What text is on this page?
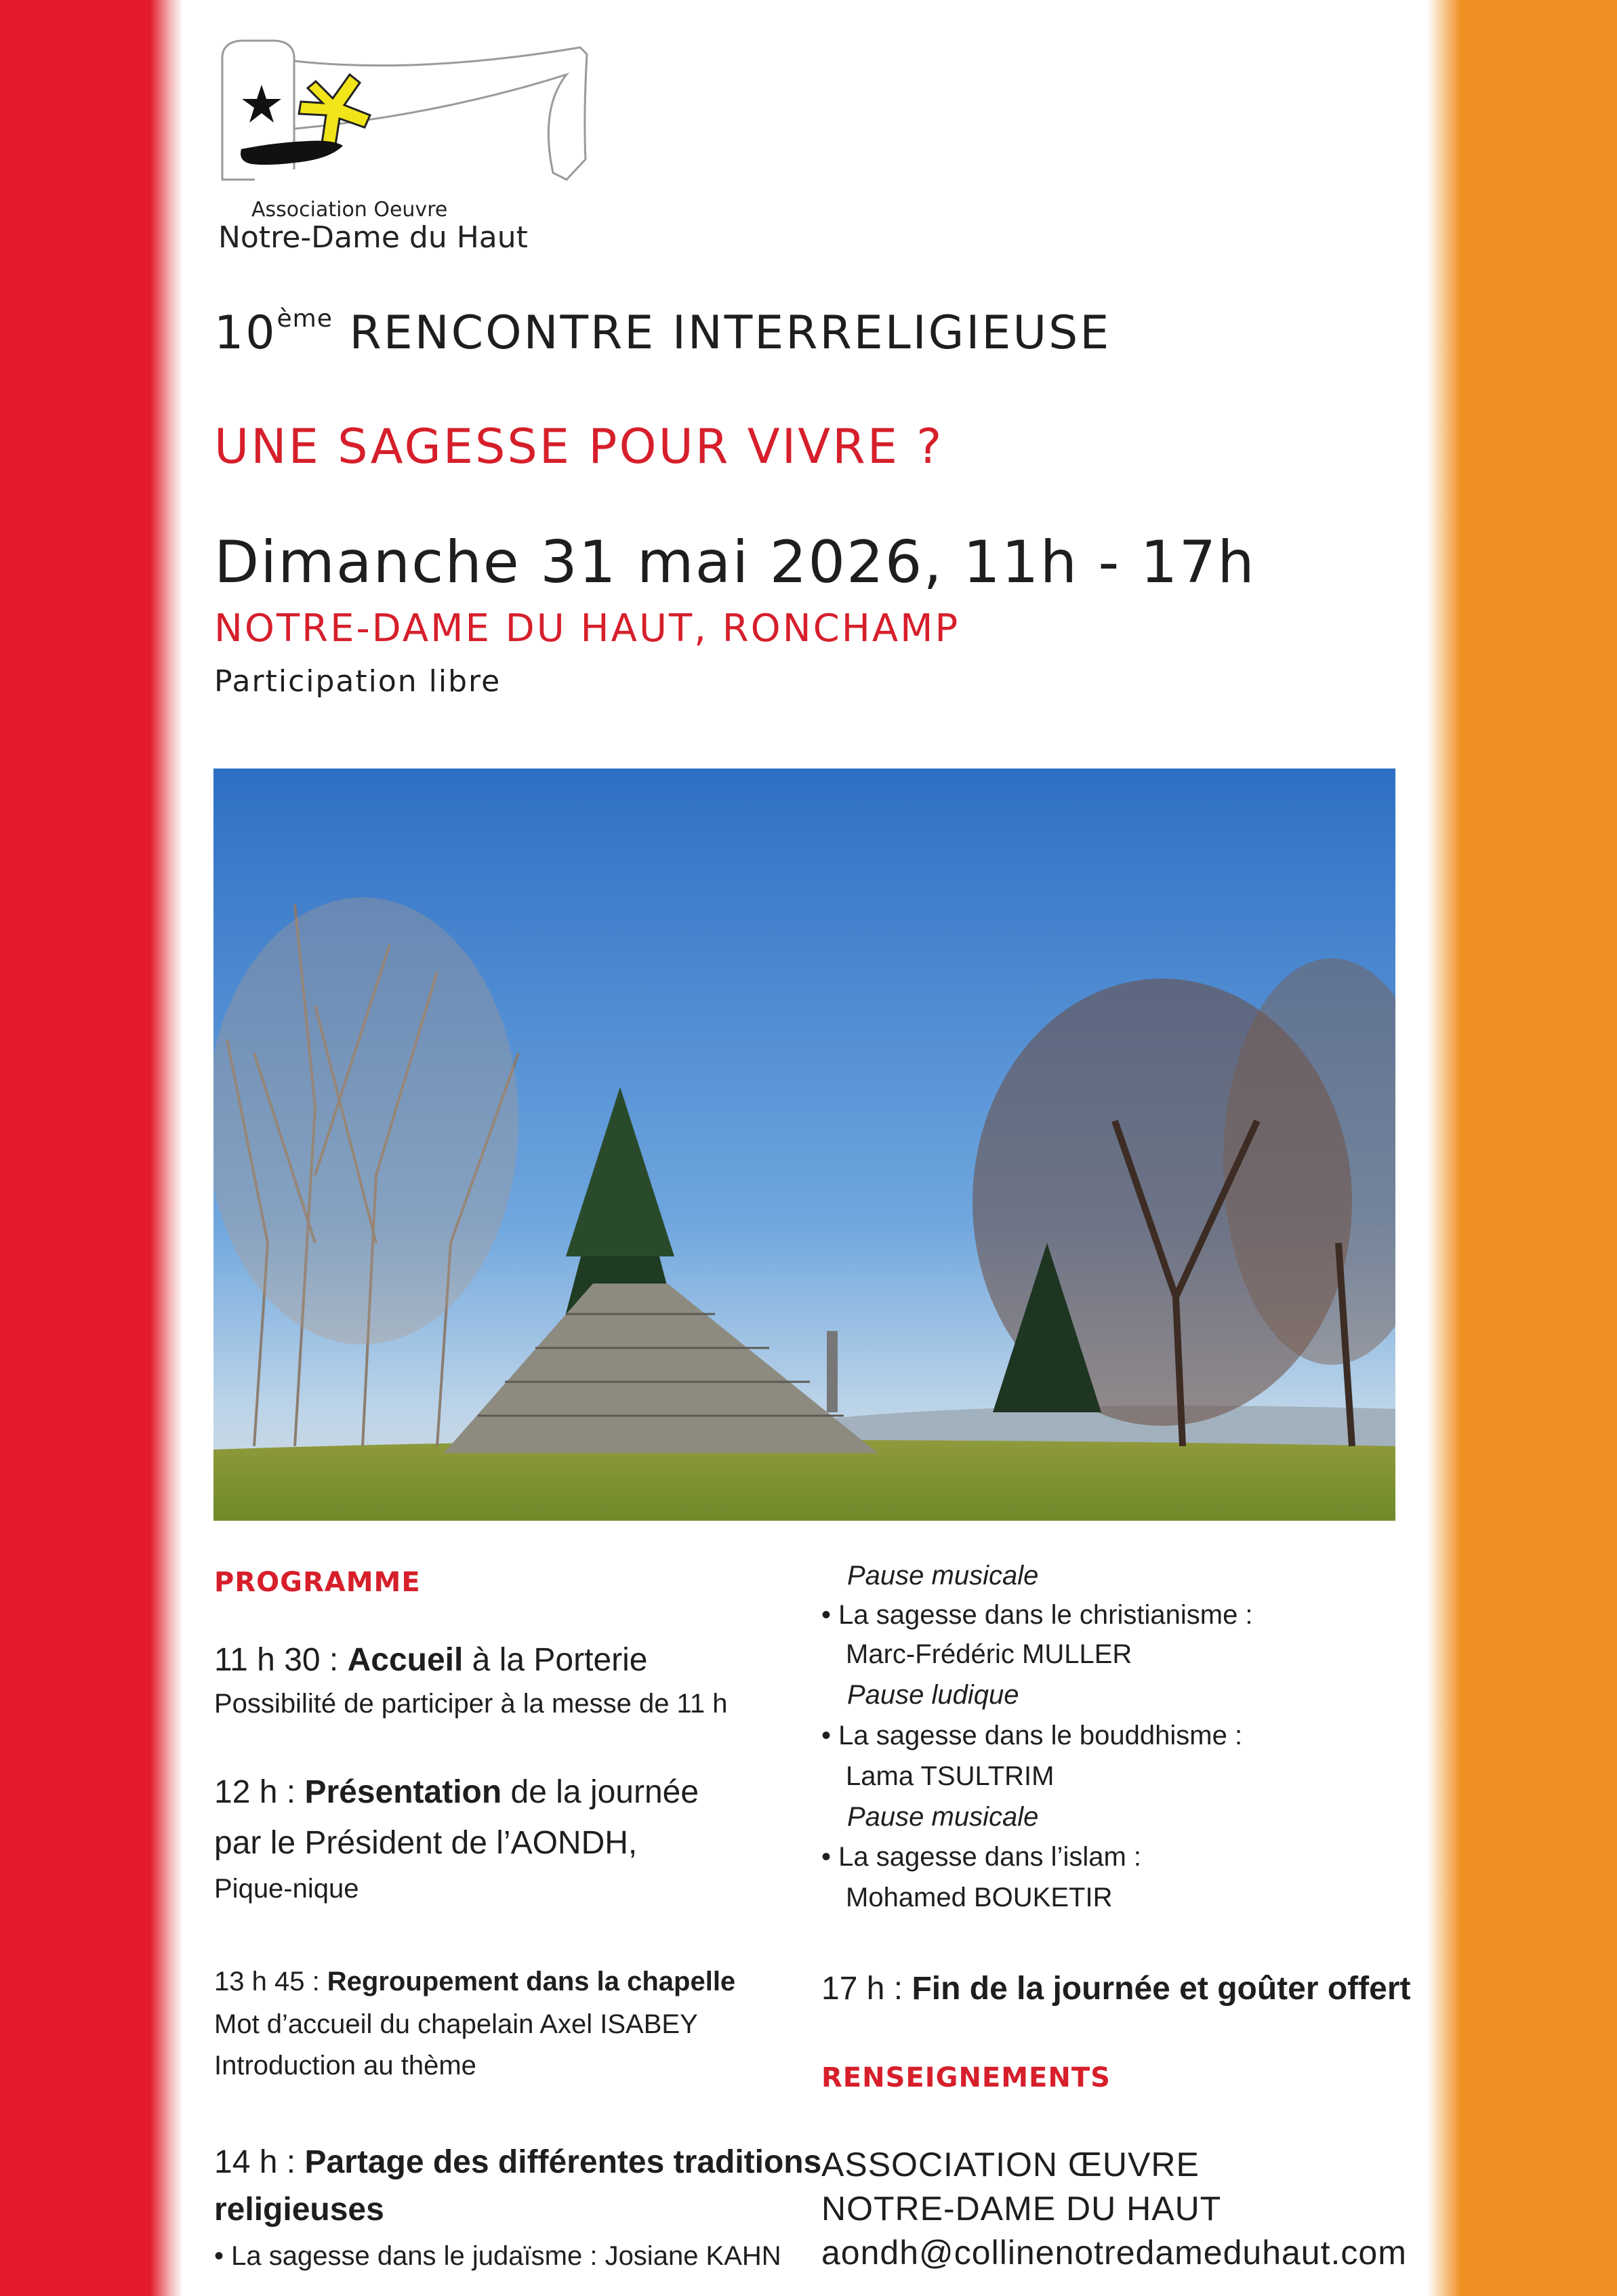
Association Oeuvre
Notre-Dame du Haut
10ème RENCONTRE INTERRELIGIEUSE
UNE SAGESSE POUR VIVRE ?
Dimanche 31 mai 2026, 11h - 17h
NOTRE-DAME DU HAUT, RONCHAMP
Participation libre
PROGRAMME
11 h 30 : Accueil à la Porterie
Possibilité de participer à la messe de 11 h
12 h : Présentation de la journée
par le Président de l’AONDH,
Pique-nique
13 h 45 : Regroupement dans la chapelle
Mot d’accueil du chapelain Axel ISABEY
Introduction au thème
14 h : Partage des différentes traditions
religieuses
• La sagesse dans le judaïsme : Josiane KAHN
Pause musicale
• La sagesse dans le christianisme :
Marc-Frédéric MULLER
Pause ludique
• La sagesse dans le bouddhisme :
Lama TSULTRIM
Pause musicale
• La sagesse dans l’islam :
Mohamed BOUKETIR
17 h : Fin de la journée et goûter offert
RENSEIGNEMENTS
ASSOCIATION ŒUVRE
NOTRE-DAME DU HAUT
aondh@collinenotredameduhaut.com
